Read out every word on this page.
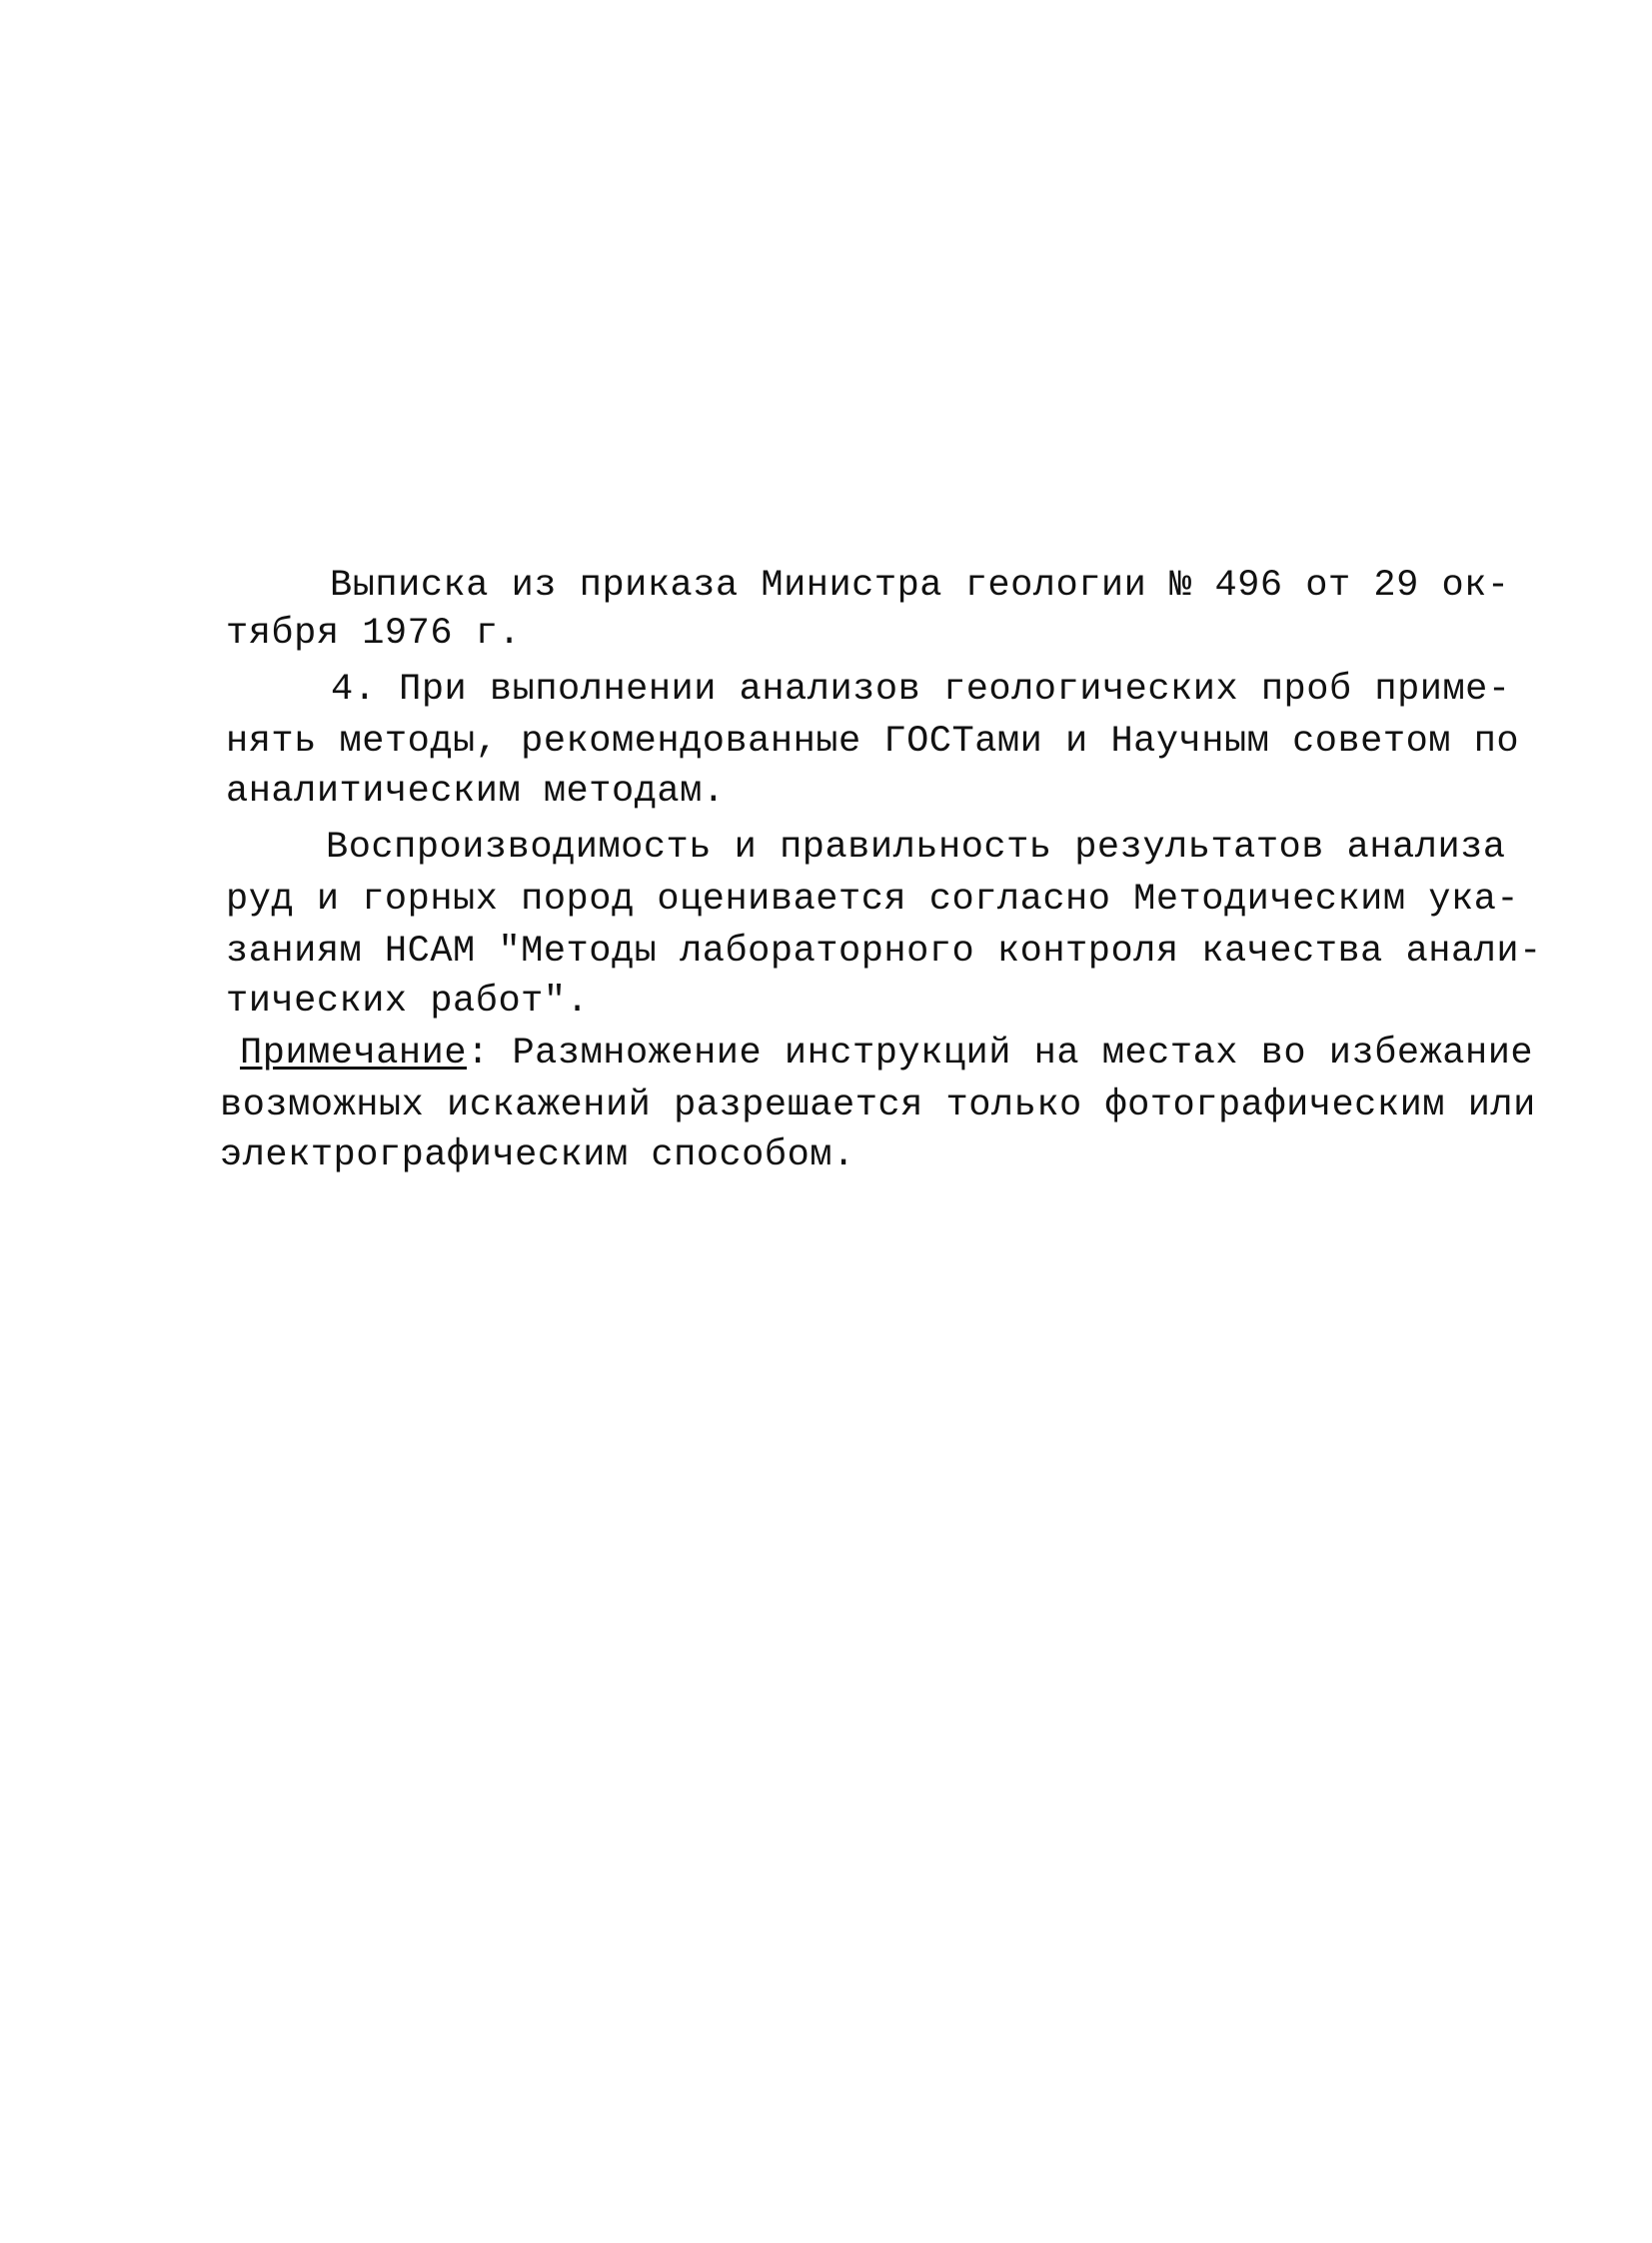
Выписка из приказа Министра геологии № 496 от 29 ок-
тября 1976 г.
4. При выполнении анализов геологических проб приме-
нять методы, рекомендованные ГОСТами и Научным советом по
аналитическим методам.
Воспроизводимость и правильность результатов анализа
руд и горных пород оценивается согласно Методическим ука-
заниям НСАМ "Методы лабораторного контроля качества анали-
тических работ".
Примечание: Размножение инструкций на местах во избежание
возможных искажений разрешается только фотографическим или
электрографическим способом.
